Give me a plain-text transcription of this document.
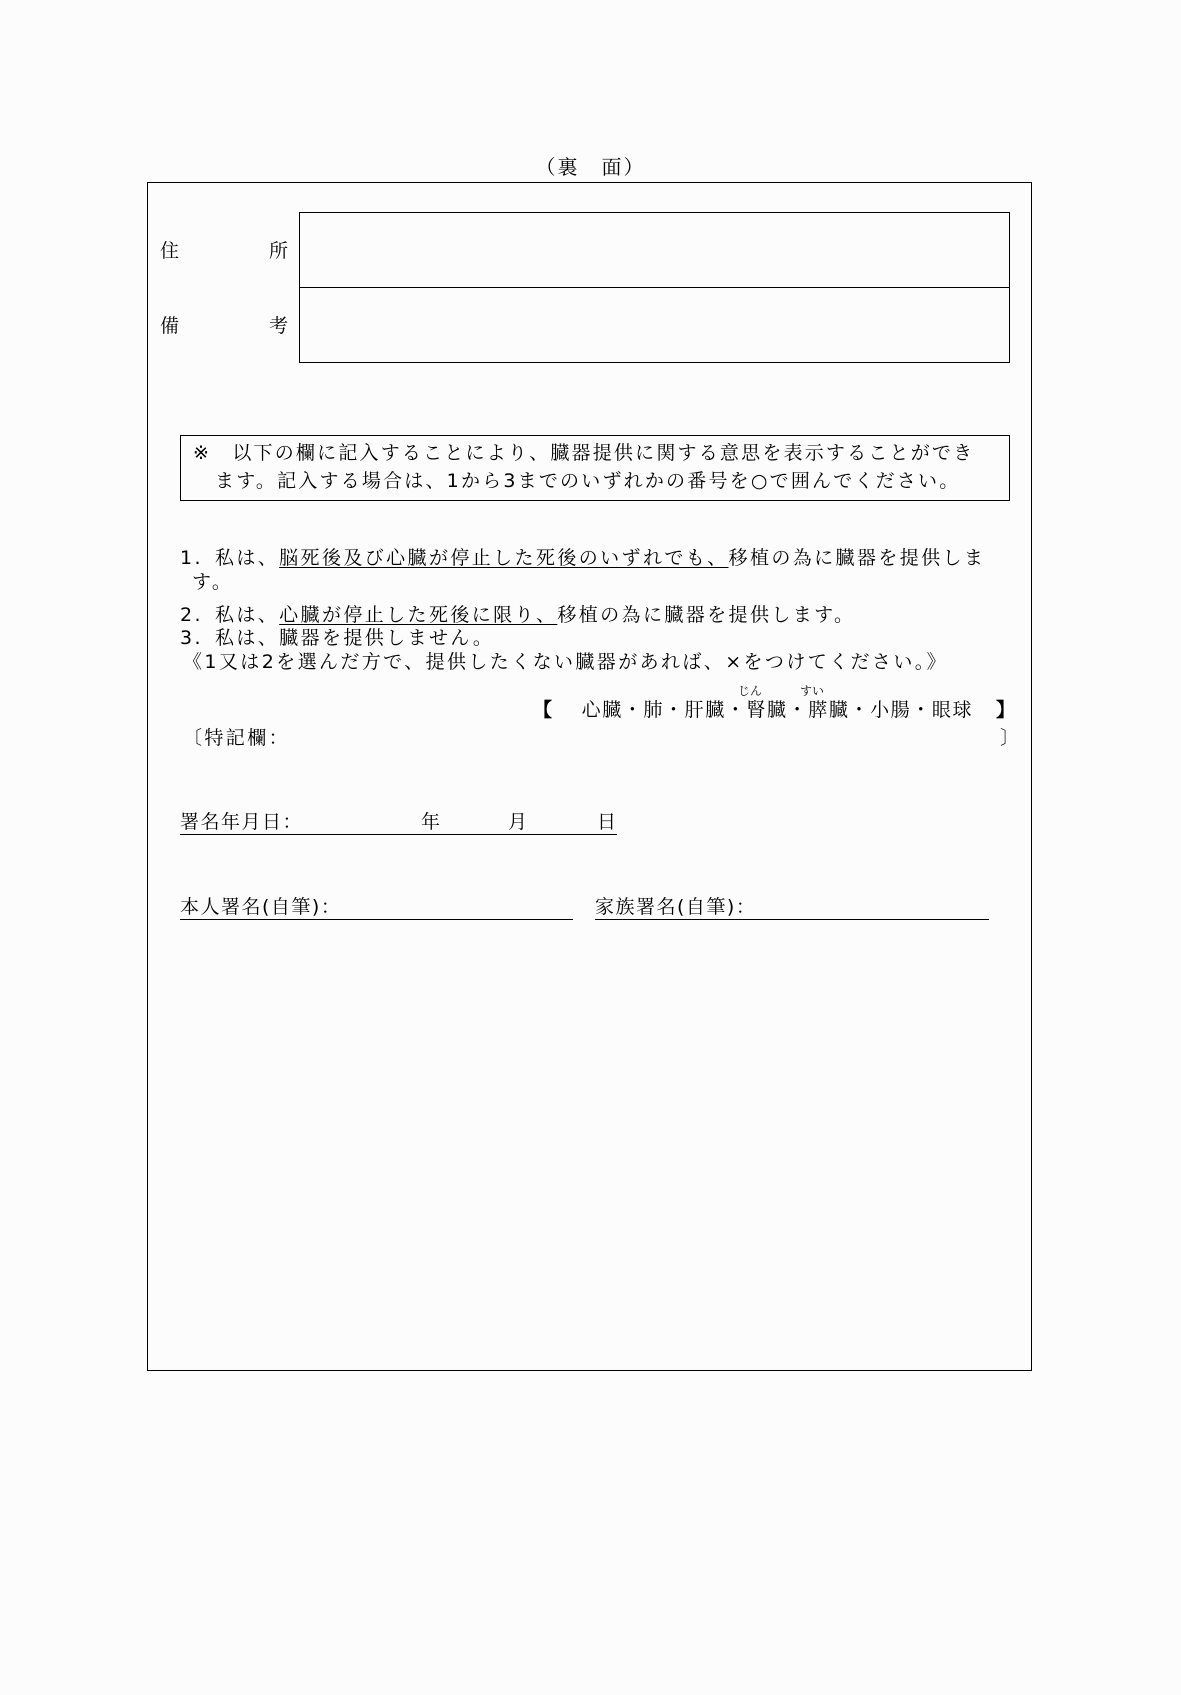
（裏　面）
住	所
備	考
※　以下の欄に記入することにより、臓器提供に関する意思を表示することができ
ます。記入する場合は、1から3までのいずれかの番号を○で囲んでください。
1. 私は、脳死後及び心臓が停止した死後のいずれでも、移植の為に臓器を提供しま
す。
2. 私は、心臓が停止した死後に限り、移植の為に臓器を提供します。
3. 私は、臓器を提供しません。
《1又は2を選んだ方で、提供したくない臓器があれば、×をつけてください。》
じん	すい
【 心臓・肺・肝臓・腎臓・膵臓・小腸・眼球 】
〔特記欄：	〕
署名年月日：	年	月	日
本人署名(自筆)：	家族署名(自筆)：
